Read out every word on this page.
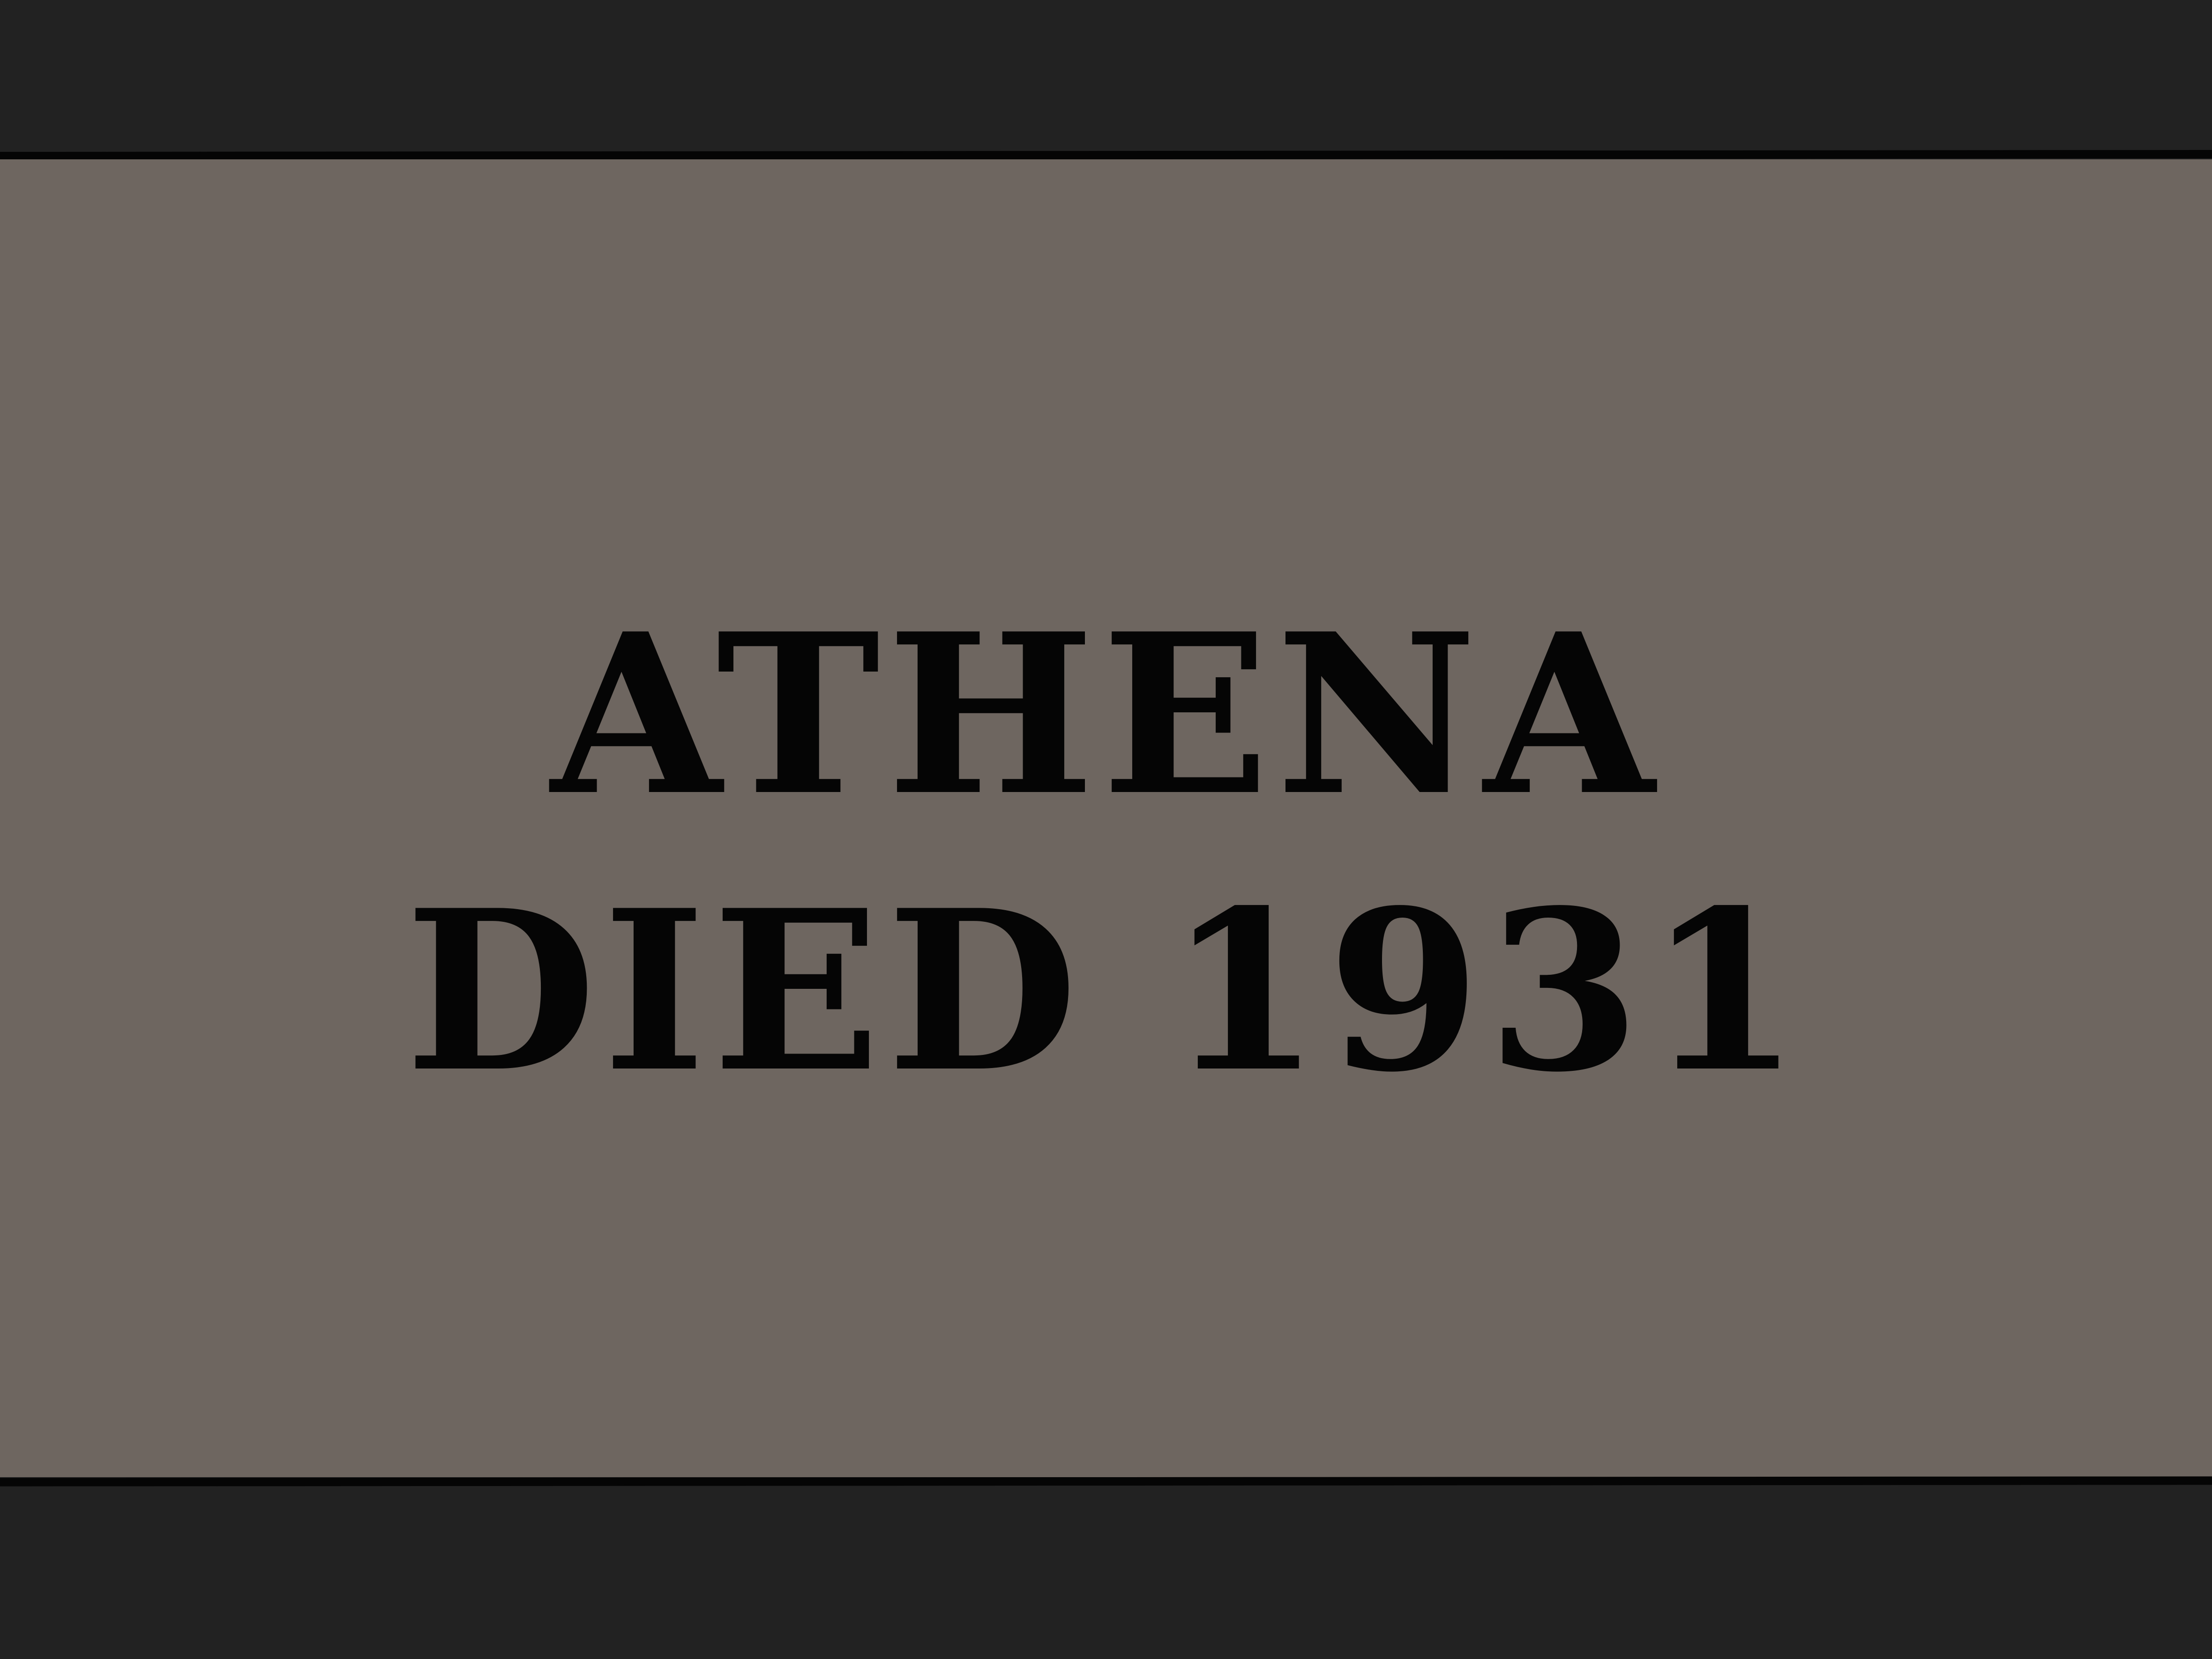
ATHENA
DIED 1931
